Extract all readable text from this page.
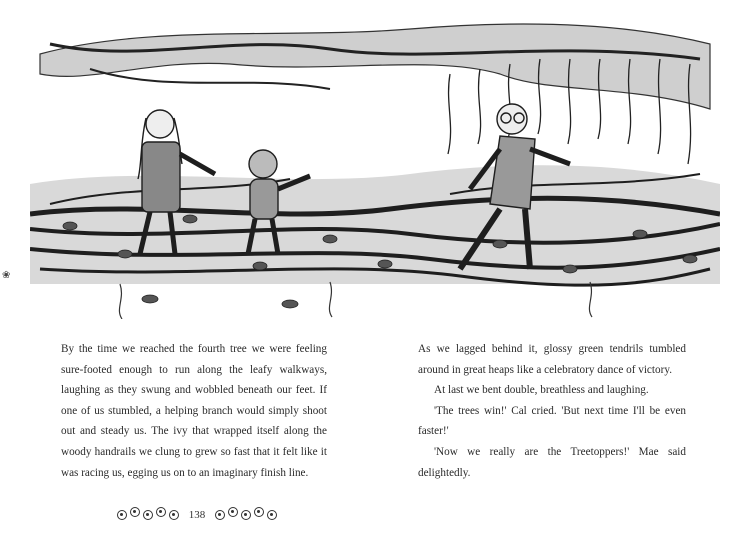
❀

By the time we reached the fourth tree we were feeling sure-footed enough to run along the leafy walkways, laughing as they swung and wobbled beneath our feet. If one of us stumbled, a helping branch would simply shoot out and steady us. The ivy that wrapped itself along the woody handrails we clung to grew so fast that it felt like it was racing us, egging us on to an imaginary finish line.

As we lagged behind it, glossy green tendrils tumbled around in great heaps like a celebratory dance of victory.

At last we bent double, breathless and laughing.

'The trees win!' Cal cried. 'But next time I'll be even faster!'

'Now we really are the Treetoppers!' Mae said delightedly.

138
